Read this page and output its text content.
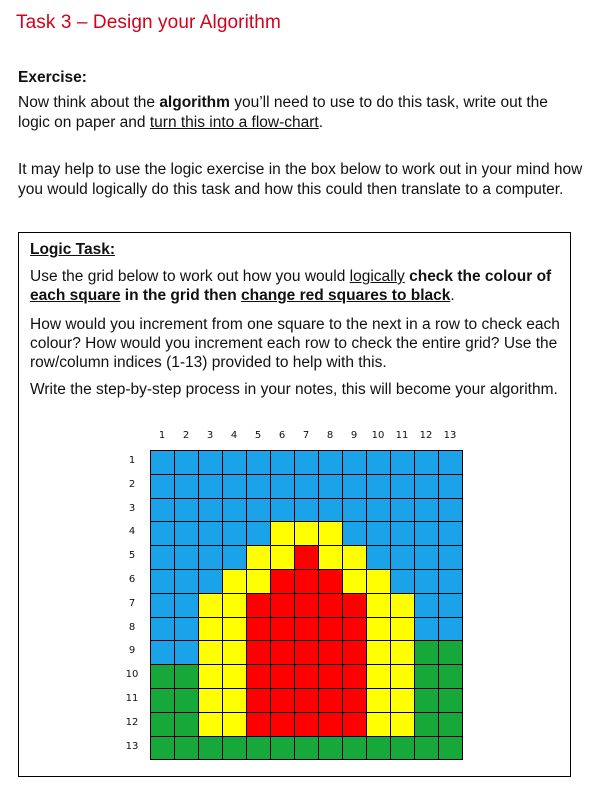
Task 3 – Design your Algorithm
Exercise:
Now think about the algorithm you’ll need to use to do this task, write out the logic on paper and turn this into a flow-chart.
It may help to use the logic exercise in the box below to work out in your mind how you would logically do this task and how this could then translate to a computer.
Logic Task:
Use the grid below to work out how you would logically check the colour of each square in the grid then change red squares to black.
How would you increment from one square to the next in a row to check each colour? How would you increment each row to check the entire grid? Use the row/column indices (1-13) provided to help with this.
Write the step-by-step process in your notes, this will become your algorithm.
1	2	3	4	5	6	7	8	9	10	11	12	13
1
2
3
4
5
6
7
8
9
10
11
12
13
